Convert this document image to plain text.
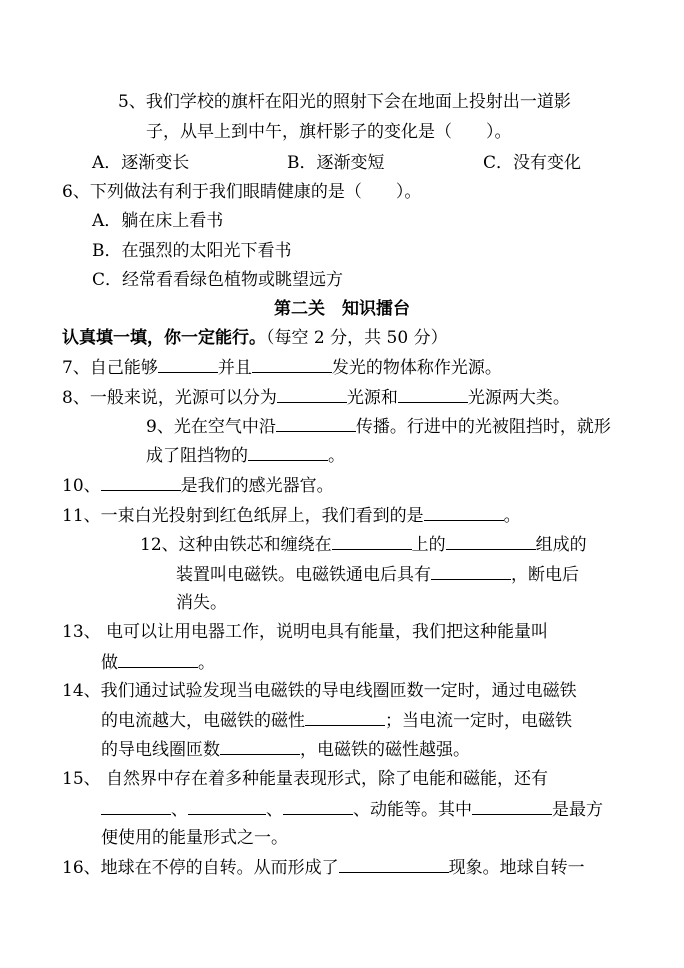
5、我们学校的旗杆在阳光的照射下会在地面上投射出一道影
子，从早上到中午，旗杆影子的变化是（　　）。
A．逐渐变长	B．逐渐变短	C．没有变化
6、下列做法有利于我们眼睛健康的是（　　）。
A．躺在床上看书
B．在强烈的太阳光下看书
C．经常看看绿色植物或眺望远方
第二关　知识擂台
认真填一填，你一定能行。（每空 2 分，共 50 分）
7、自己能够	并且	发光的物体称作光源。
8、一般来说，光源可以分为	光源和	光源两大类。
9、光在空气中沿	传播。行进中的光被阻挡时，就形
成了阻挡物的	。
10、	是我们的感光器官。
11、一束白光投射到红色纸屏上，我们看到的是	。
12、这种由铁芯和缠绕在	上的	组成的
装置叫电磁铁。电磁铁通电后具有	，断电后
消失。
13、 电可以让用电器工作，说明电具有能量，我们把这种能量叫
做	。
14、我们通过试验发现当电磁铁的导电线圈匝数一定时，通过电磁铁
的电流越大，电磁铁的磁性	；当电流一定时，电磁铁
的导电线圈匝数	，电磁铁的磁性越强。
15、 自然界中存在着多种能量表现形式，除了电能和磁能，还有
、	、	、动能等。其中	是最方
便使用的能量形式之一。
16、地球在不停的自转。从而形成了	现象。地球自转一
